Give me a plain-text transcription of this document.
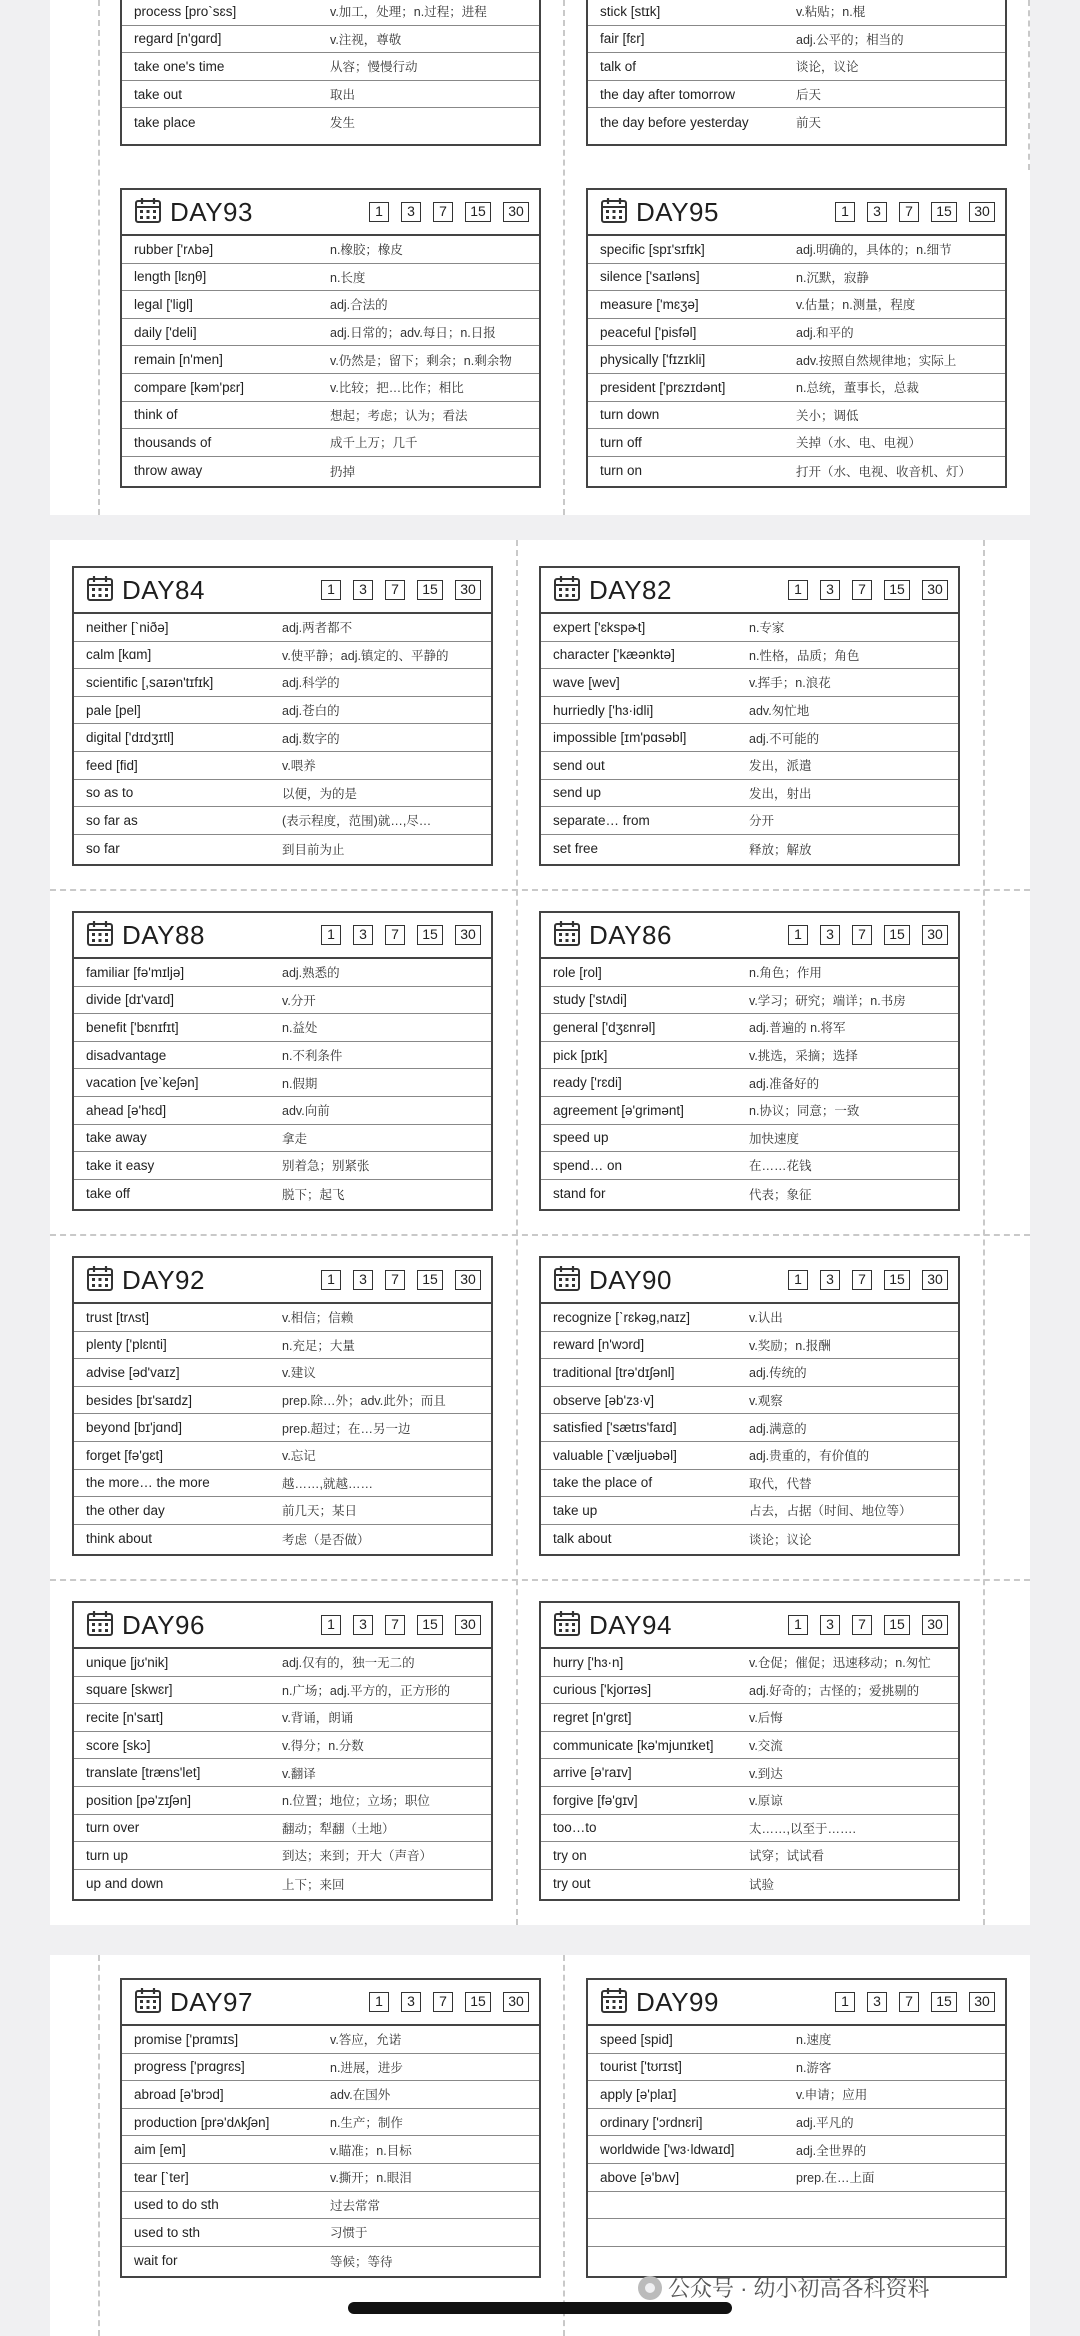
process [pro`sɛs]	v.加工，处理；n.过程；进程
regard [n'gɑrd]	v.注视，尊敬
take one's time	从容；慢慢行动
take out	取出
take place	发生
stick [stɪk]	v.粘贴；n.棍
fair [fɛr]	adj.公平的；相当的
talk of	谈论，议论
the day after tomorrow	后天
the day before yesterday	前天
DAY93	1	3	7	15	30
rubber ['rʌbə]	n.橡胶；橡皮
length [lɛŋθ]	n.长度
legal ['ligl]	adj.合法的
daily ['deli]	adj.日常的；adv.每日；n.日报
remain [n'men]	v.仍然是；留下；剩余；n.剩余物
compare [kəm'pɛr]	v.比较；把…比作；相比
think of	想起；考虑；认为；看法
thousands of	成千上万；几千
throw away	扔掉
DAY95	1	3	7	15	30
specific [spɪ'sɪfɪk]	adj.明确的，具体的；n.细节
silence ['saɪləns]	n.沉默，寂静
measure ['mɛʒə]	v.估量；n.测量，程度
peaceful ['pisfəl]	adj.和平的
physically ['fɪzɪkli]	adv.按照自然规律地；实际上
president ['prɛzɪdənt]	n.总统，董事长，总裁
turn down	关小；调低
turn off	关掉（水、电、电视）
turn on	打开（水、电视、收音机、灯）
DAY84	1	3	7	15	30
neither [`niðə]	adj.两者都不
calm [kɑm]	v.使平静；adj.镇定的、平静的
scientific [,saɪən'tɪfɪk]	adj.科学的
pale [pel]	adj.苍白的
digital ['dɪdʒɪtl]	adj.数字的
feed [fid]	v.喂养
so as to	以便，为的是
so far as	(表示程度，范围)就…,尽…
so far	到目前为止
DAY82	1	3	7	15	30
expert ['ɛkspɚt]	n.专家
character ['kæənktə]	n.性格，品质；角色
wave [wev]	v.挥手；n.浪花
hurriedly ['hɜ·idli]	adv.匆忙地
impossible [ɪm'pɑsəbl]	adj.不可能的
send out	发出，派遣
send up	发出，射出
separate… from	分开
set free	释放；解放
DAY88	1	3	7	15	30
familiar [fə'mɪljə]	adj.熟悉的
divide [dɪ'vaɪd]	v.分开
benefit ['bɛnɪfɪt]	n.益处
disadvantage	n.不利条件
vacation [veˋkeʃən]	n.假期
ahead [ə'hɛd]	adv.向前
take away	拿走
take it easy	别着急；别紧张
take off	脱下；起飞
DAY86	1	3	7	15	30
role [rol]	n.角色；作用
study ['stʌdi]	v.学习；研究；端详；n.书房
general ['dʒɛnrəl]	adj.普遍的 n.将军
pick [pɪk]	v.挑选，采摘；选择
ready ['rɛdi]	adj.准备好的
agreement [ə'grimənt]	n.协议；同意；一致
speed up	加快速度
spend… on	在……花钱
stand for	代表；象征
DAY92	1	3	7	15	30
trust [trʌst]	v.相信；信赖
plenty ['plɛnti]	n.充足；大量
advise [əd'vaɪz]	v.建议
besides [bɪ'saɪdz]	prep.除…外；adv.此外；而且
beyond [bɪ'jɑnd]	prep.超过；在…另一边
forget [fə'gɛt]	v.忘记
the more… the more	越……,就越……
the other day	前几天；某日
think about	考虑（是否做）
DAY90	1	3	7	15	30
recognize [ˋrɛkəg,naɪz]	v.认出
reward [n'wɔrd]	v.奖励；n.报酬
traditional [trə'dɪʃənl]	adj.传统的
observe [əb'zɜ·v]	v.观察
satisfied ['sætɪs'faɪd]	adj.满意的
valuable [ˋvæljuəbəl]	adj.贵重的，有价值的
take the place of	取代，代替
take up	占去，占据（时间、地位等）
talk about	谈论；议论
DAY96	1	3	7	15	30
unique [jʊ'nik]	adj.仅有的，独一无二的
square [skwɛr]	n.广场；adj.平方的，正方形的
recite [n'saɪt]	v.背诵，朗诵
score [skɔ]	v.得分；n.分数
translate [træns'let]	v.翻译
position [pə'zɪʃən]	n.位置；地位；立场；职位
turn over	翻动；犁翻（土地）
turn up	到达；来到；开大（声音）
up and down	上下；来回
DAY94	1	3	7	15	30
hurry ['hɜ·n]	v.仓促；催促；迅速移动；n.匆忙
curious ['kjorɪəs]	adj.好奇的；古怪的；爱挑剔的
regret [n'grɛt]	v.后悔
communicate [kə'mjunɪket]	v.交流
arrive [ə'raɪv]	v.到达
forgive [fə'gɪv]	v.原谅
too…to	太……,以至于…….
try on	试穿；试试看
try out	试验
DAY97	1	3	7	15	30
promise ['prɑmɪs]	v.答应，允诺
progress ['prɑgrɛs]	n.进展，进步
abroad [ə'brɔd]	adv.在国外
production [prə'dʌkʃən]	n.生产；制作
aim [em]	v.瞄准；n.目标
tear [ˋter]	v.撕开；n.眼泪
used to do sth	过去常常
used to sth	习惯于
wait for	等候；等待
DAY99	1	3	7	15	30
speed [spid]	n.速度
tourist ['tʊrɪst]	n.游客
apply [ə'plaɪ]	v.申请；应用
ordinary ['ɔrdnɛri]	adj.平凡的
worldwide ['wɜ·ldwaɪd]	adj.全世界的
above [ə'bʌv]	prep.在…上面
公众号 · 幼小初高各科资料
